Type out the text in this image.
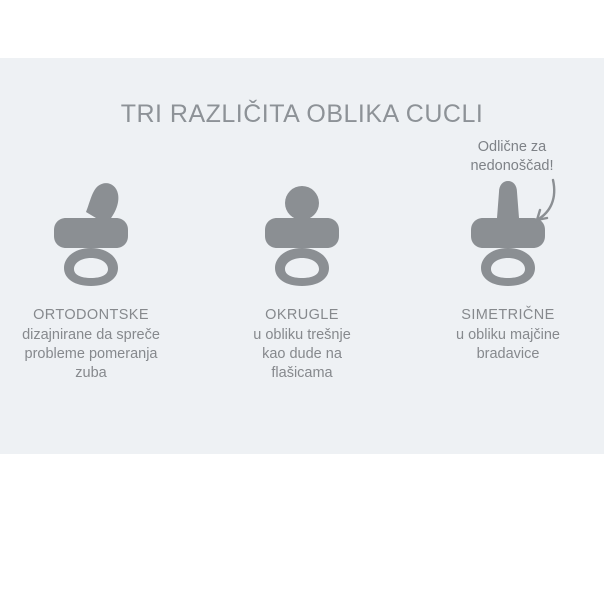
TRI RAZLIČITA OBLIKA CUCLI
ORTODONTSKE
dizajnirane da spreče
probleme pomeranja
zuba
OKRUGLE
u obliku trešnje
kao dude na
flašicama
SIMETRIČNE
u obliku majčine
bradavice
Odlične za
nedonoščad!
